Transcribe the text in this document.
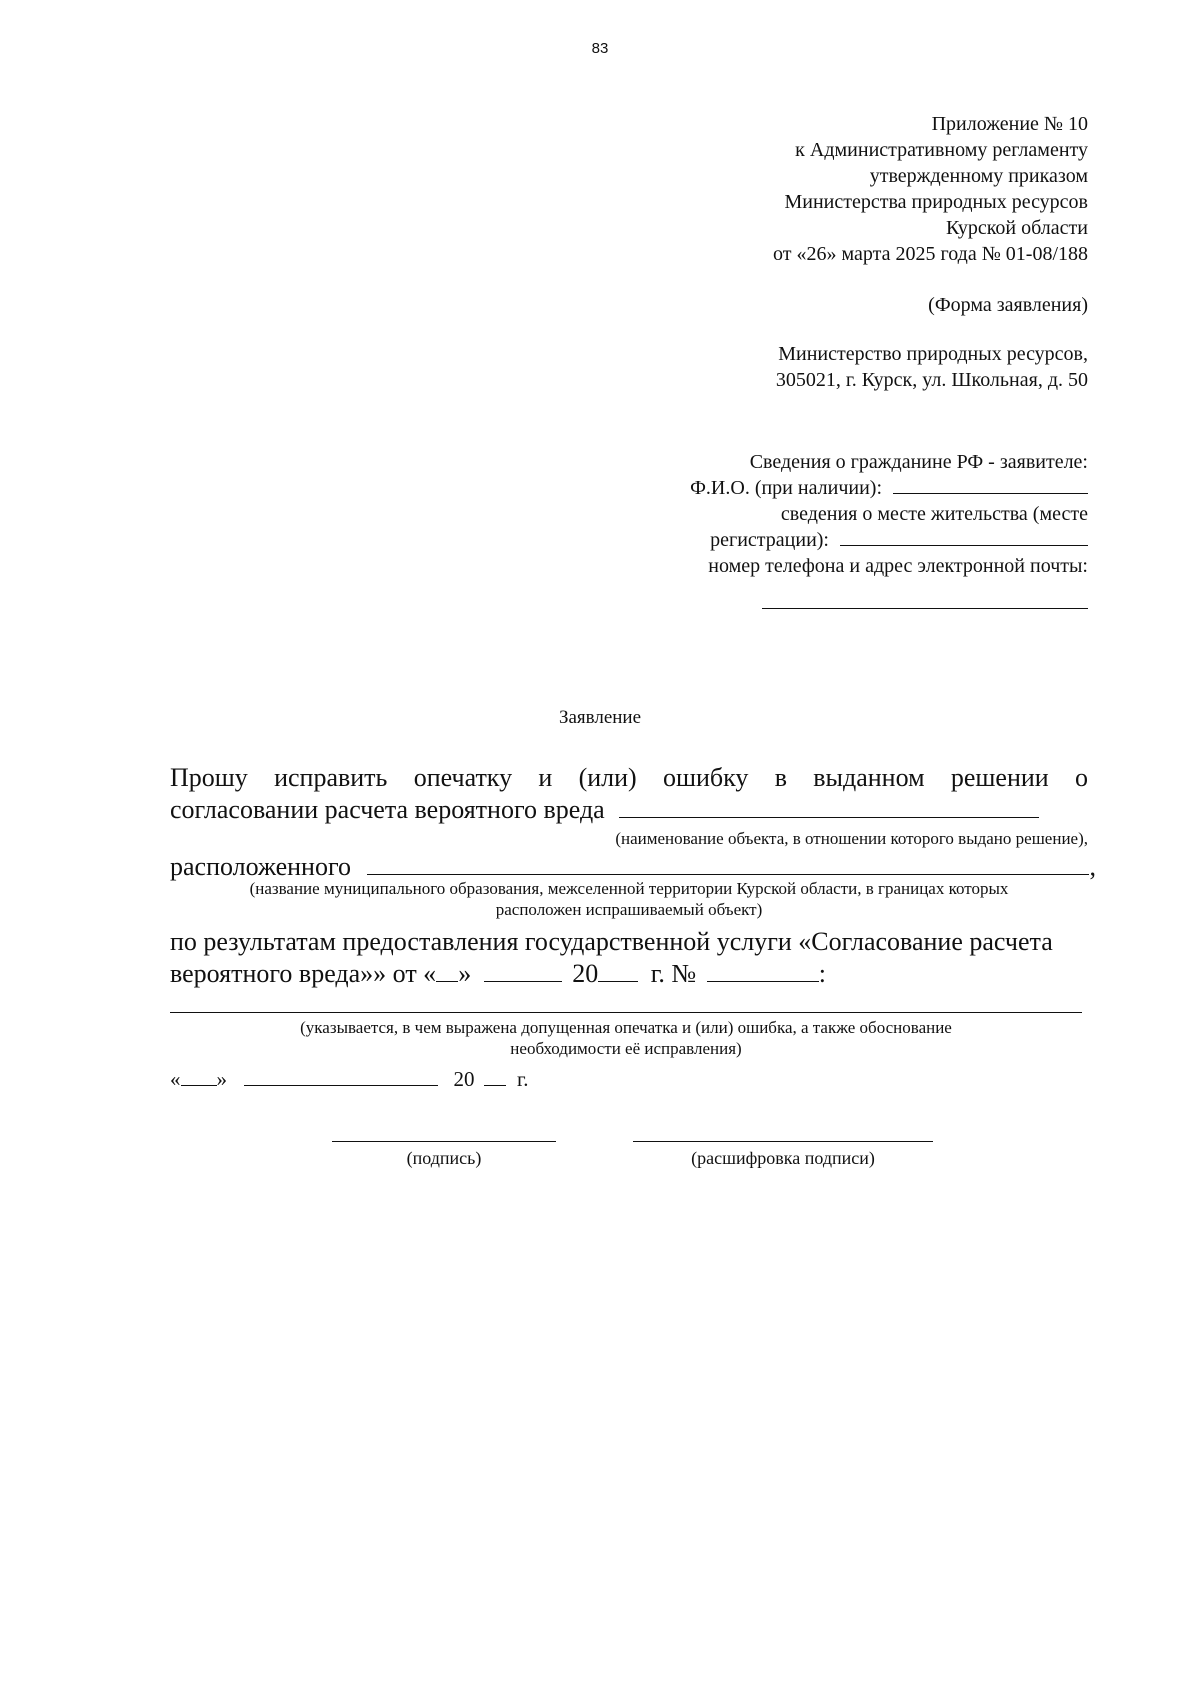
83
Приложение № 10
к Административному регламенту
утвержденному приказом
Министерства природных ресурсов
Курской области
от «26» марта 2025 года № 01-08/188
(Форма заявления)
Министерство природных ресурсов,
305021, г. Курск, ул. Школьная, д. 50
Сведения о гражданине РФ - заявителе:
Ф.И.О. (при наличии):
сведения о месте жительства (месте
регистрации):
номер телефона и адрес электронной почты:
Заявление
Прошу исправить опечатку и (или) ошибку в выданном решении о
согласовании расчета вероятного вреда
(наименование объекта, в отношении которого выдано решение),
расположенного	,
(название муниципального образования, межселенной территории Курской области, в границах которых
расположен испрашиваемый объект)
по результатам предоставления государственной услуги «Согласование расчета
вероятного вреда»» от « »	20 г. №	:
(указывается, в чем выражена допущенная опечатка и (или) ошибка, а также обоснование
необходимости её исправления)
« »	20 г.
(подпись)	(расшифровка подписи)
